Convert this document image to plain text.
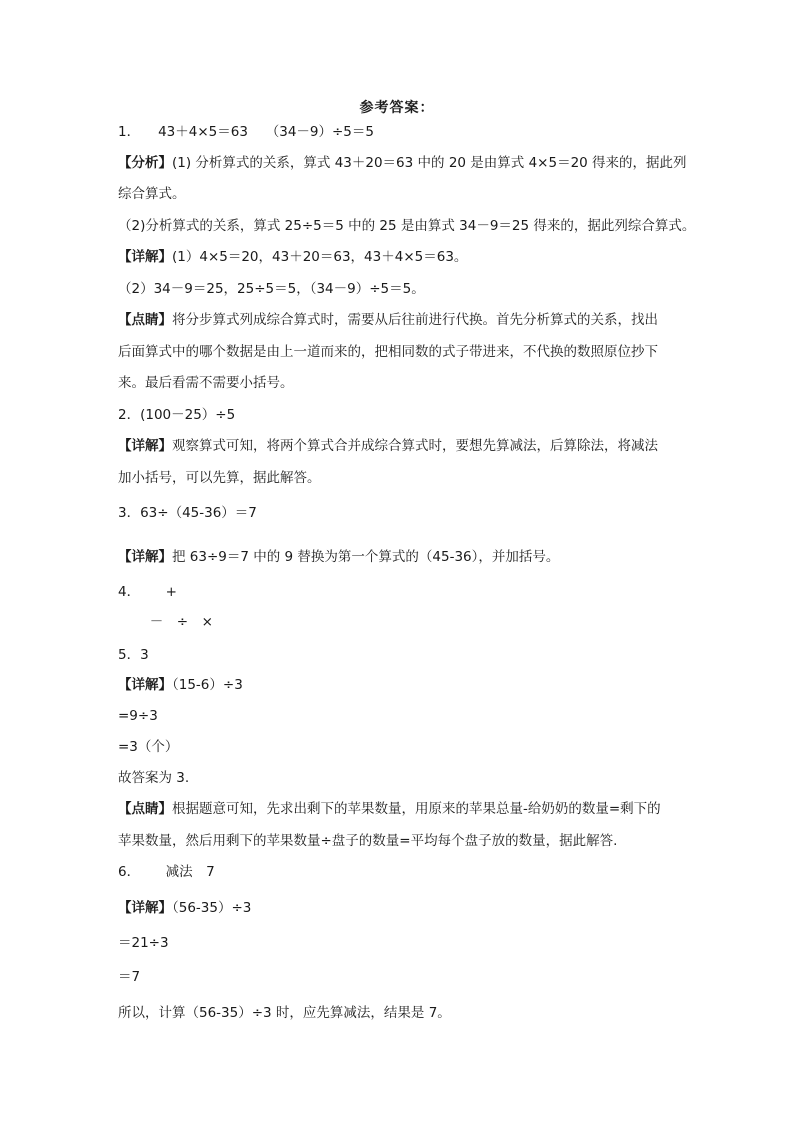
参考答案：
1． 43＋4×5＝63　 （34－9）÷5＝5
【分析】(1) 分析算式的关系，算式 43＋20＝63 中的 20 是由算式 4×5＝20 得来的，据此列
综合算式。
（2)分析算式的关系，算式 25÷5＝5 中的 25 是由算式 34－9＝25 得来的，据此列综合算式。
【详解】(1）4×5＝20，43＋20＝63，43＋4×5＝63。
（2）34－9＝25，25÷5＝5，（34－9）÷5＝5。
【点睛】将分步算式列成综合算式时，需要从后往前进行代换。首先分析算式的关系，找出
后面算式中的哪个数据是由上一道而来的，把相同数的式子带进来，不代换的数照原位抄下
来。最后看需不需要小括号。
2．(100－25）÷5
【详解】观察算式可知，将两个算式合并成综合算式时，要想先算减法，后算除法，将减法
加小括号，可以先算，据此解答。
3．63÷（45-36）＝7
【详解】把 63÷9＝7 中的 9 替换为第一个算式的（45-36），并加括号。
4．　+
　 －　÷　×
5．3
【详解】（15-6）÷3
=9÷3
=3（个）
故答案为 3.
【点睛】根据题意可知，先求出剩下的苹果数量，用原来的苹果总量-给奶奶的数量=剩下的
苹果数量，然后用剩下的苹果数量÷盘子的数量=平均每个盘子放的数量，据此解答.
6．　减法　7
【详解】（56-35）÷3
＝21÷3
＝7
所以，计算（56-35）÷3 时，应先算减法，结果是 7。
